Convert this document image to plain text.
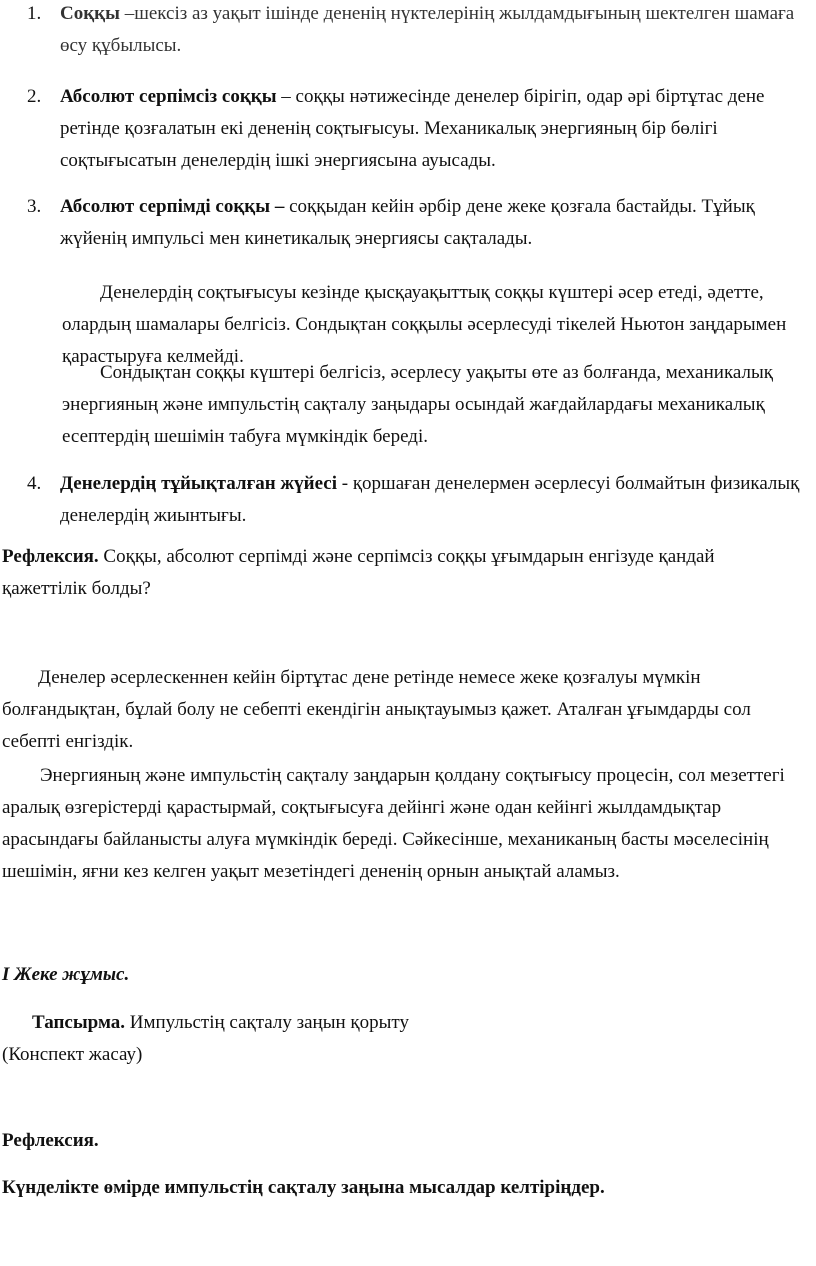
1. Соққы –шексіз аз уақыт ішінде дененің нүктелерінің жылдамдығының шектелген шамаға өсу құбылысы.

2. Абсолют серпімсіз соққы – соққы нәтижесінде денелер бірігіп, одар әрі біртұтас дене ретінде қозғалатын екі дененің соқтығысуы. Механикалық энергияның бір бөлігі соқтығысатын денелердің ішкі энергиясына ауысады.

3. Абсолют серпімді соққы – соққыдан кейін әрбір дене жеке қозғала бастайды. Тұйық жүйенің импульсі мен кинетикалық энергиясы сақталады.

Денелердің соқтығысуы кезінде қысқауақыттық соққы күштері әсер етеді, әдетте, олардың шамалары белгісіз. Сондықтан соққылы әсерлесуді тікелей Ньютон заңдарымен қарастыруға келмейді.

Сондықтан соққы күштері белгісіз, әсерлесу уақыты өте аз болғанда, механикалық энергияның және импульстің сақталу заңыдары осындай жағдайлардағы механикалық есептердің шешімін табуға мүмкіндік береді.

4. Денелердің тұйықталған жүйесі - қоршаған денелермен әсерлесуі болмайтын физикалық денелердің жиынтығы.

Рефлексия. Соққы, абсолют серпімді және серпімсіз соққы ұғымдарын енгізуде қандай қажеттілік болды?

Денелер әсерлескеннен кейін біртұтас дене ретінде немесе жеке қозғалуы мүмкін болғандықтан, бұлай болу не себепті екендігін анықтауымыз қажет. Аталған ұғымдарды сол себепті енгіздік.

Энергияның және импульстің сақталу заңдарын қолдану соқтығысу процесін, сол мезеттегі аралық өзгерістерді қарастырмай, соқтығысуға дейінгі және одан кейінгі жылдамдықтар арасындағы байланысты алуға мүмкіндік береді. Сәйкесінше, механиканың басты мәселесінің шешімін, яғни кез келген уақыт мезетіндегі дененің орнын анықтай аламыз.

I Жеке жұмыс.

Тапсырма. Импульстің сақталу заңын қорыту

(Конспект жасау)

Рефлексия.

Күнделікте өмірде импульстің сақталу заңына мысалдар келтіріңдер.
